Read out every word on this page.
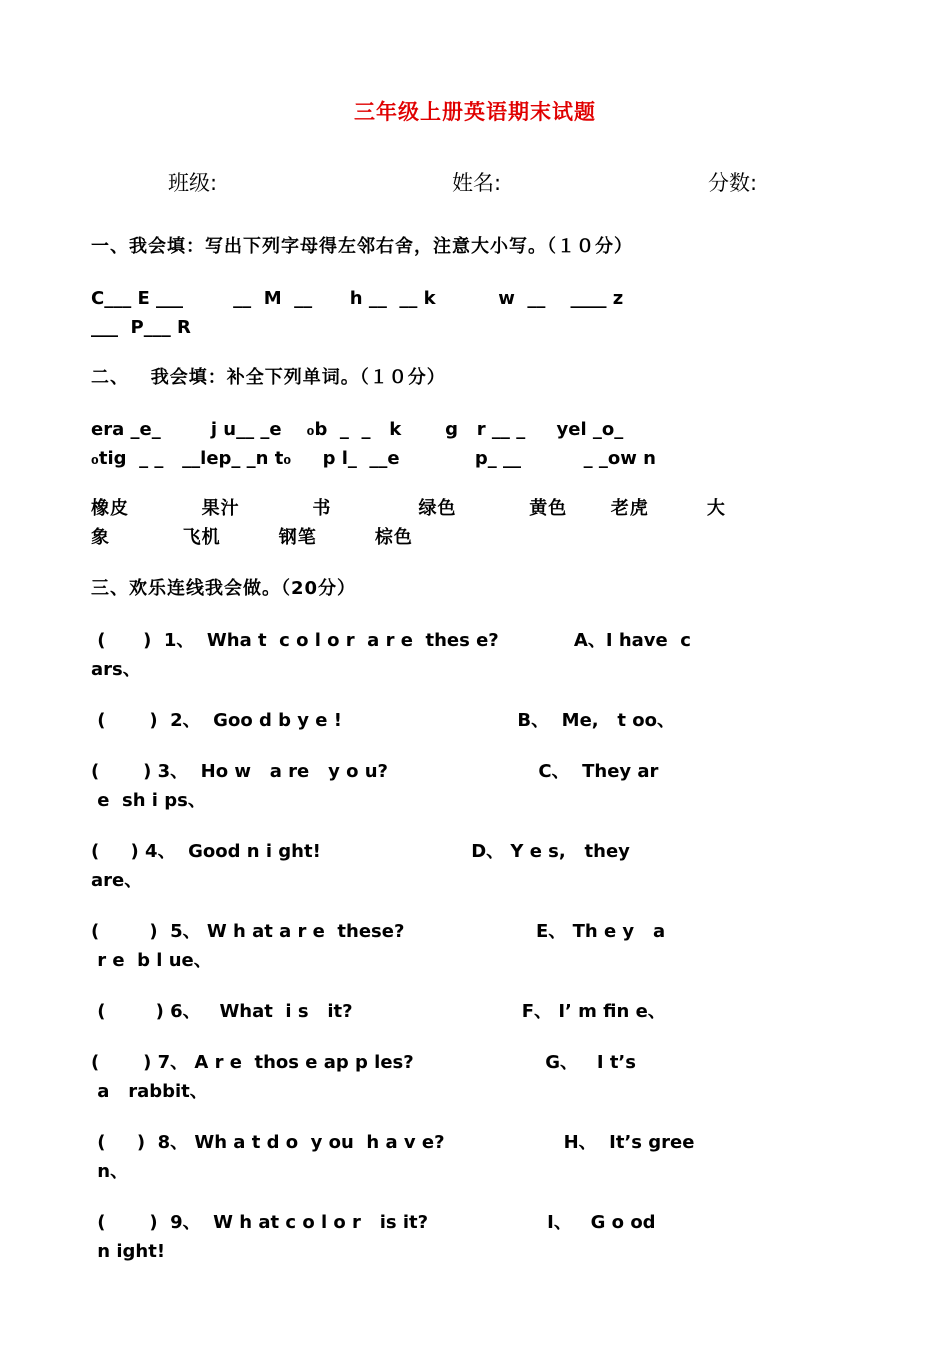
三年级上册英语期末试题
班级:	姓名:	分数:
一、我会填：写出下列字母得左邻右舍，注意大小写。（１０分）
C___ E ___        __  M  __      h __  __ k          w  __    ____ z
___  P___ R
二、   我会填：补全下列单词。（１０分）
era _e_        j u__ _e    ₀b  _  _   k       g   r __ _     yel _o_
₀tig  _ _   __lep_ _n t₀     p l_  __e            p_ __          _ _ow n
橡皮          果汁          书            绿色          黄色      老虎        大
象          飞机        钢笔        棕色
三、欢乐连线我会做。（20分）
(      )  1、  Wha t  c o l o r  a r e  thes e?            A、I have  c
ars、
(       )  2、  Goo d b y e !                            B、  Me,   t oo、
(       ) 3、  Ho w   a re   y o u?                        C、  They ar
e  sh i ps、
(     ) 4、  Good n i ght!                        D、 Y e s,   they
are、
(        )  5、 W h at a r e  these?                     E、 Th e y   a
r e  b l ue、
(        ) 6、   What  i s   it?                           F、 I’ m fin e、
(       ) 7、 A r e  thos e ap p les?                     G、   I t’s
a   rabbit、
(     )  8、 Wh a t d o  y ou  h a v e?                   H、  It’s gree
n、
(       )  9、  W h at c o l o r   is it?                   I、   G o od
n ight!
